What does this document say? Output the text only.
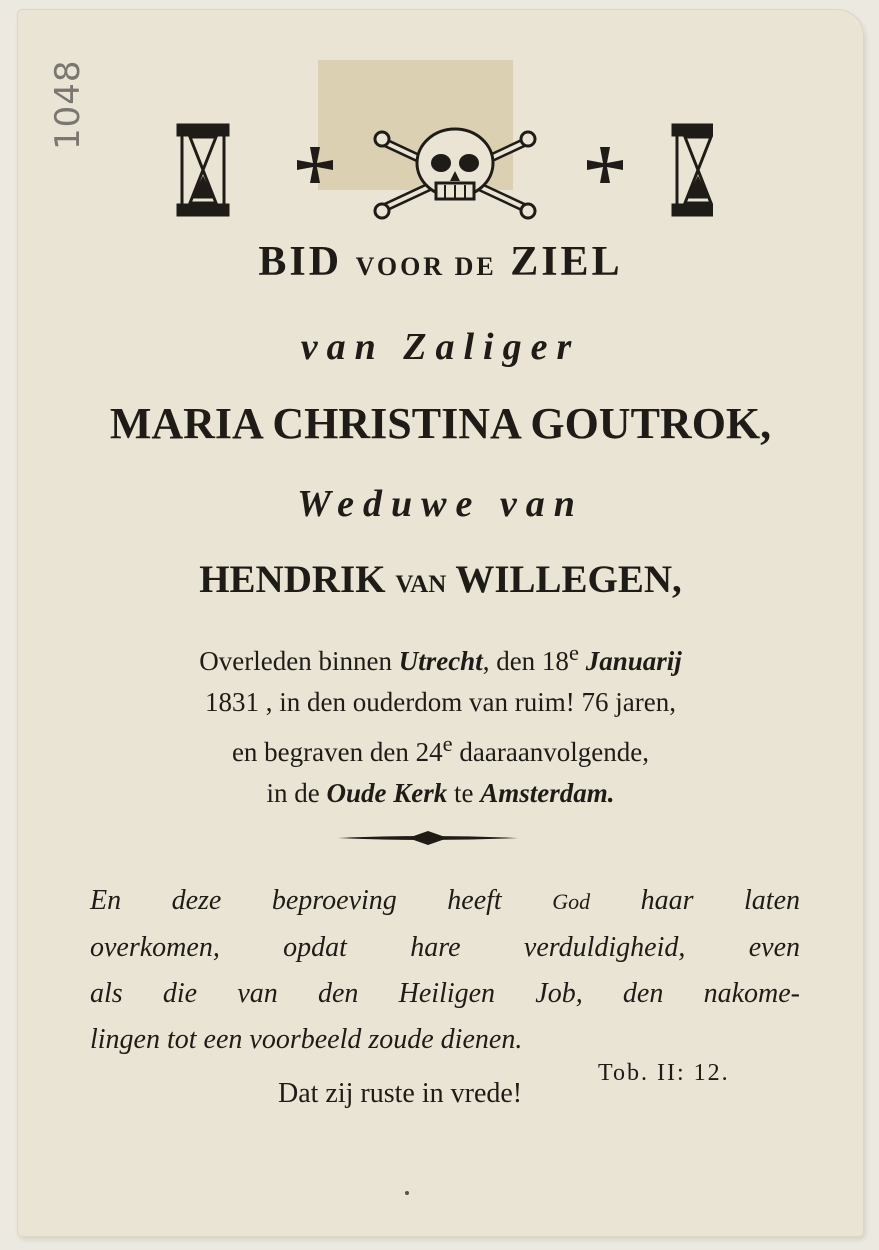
1048
BID VOOR DE ZIEL
van Zaliger
MARIA CHRISTINA GOUTROK,
Weduwe van
HENDRIK VAN WILLEGEN,
Overleden binnen Utrecht, den 18e Januarij
1831 , in den ouderdom van ruim! 76 jaren,
en begraven den 24e daaraanvolgende,
in de Oude Kerk te Amsterdam.
En deze beproeving heeft God haar laten
overkomen, opdat hare verduldigheid, even
als die van den Heiligen Job, den nakome-
lingen tot een voorbeeld zoude dienen.
Tob. II: 12.
Dat zij ruste in vrede!
